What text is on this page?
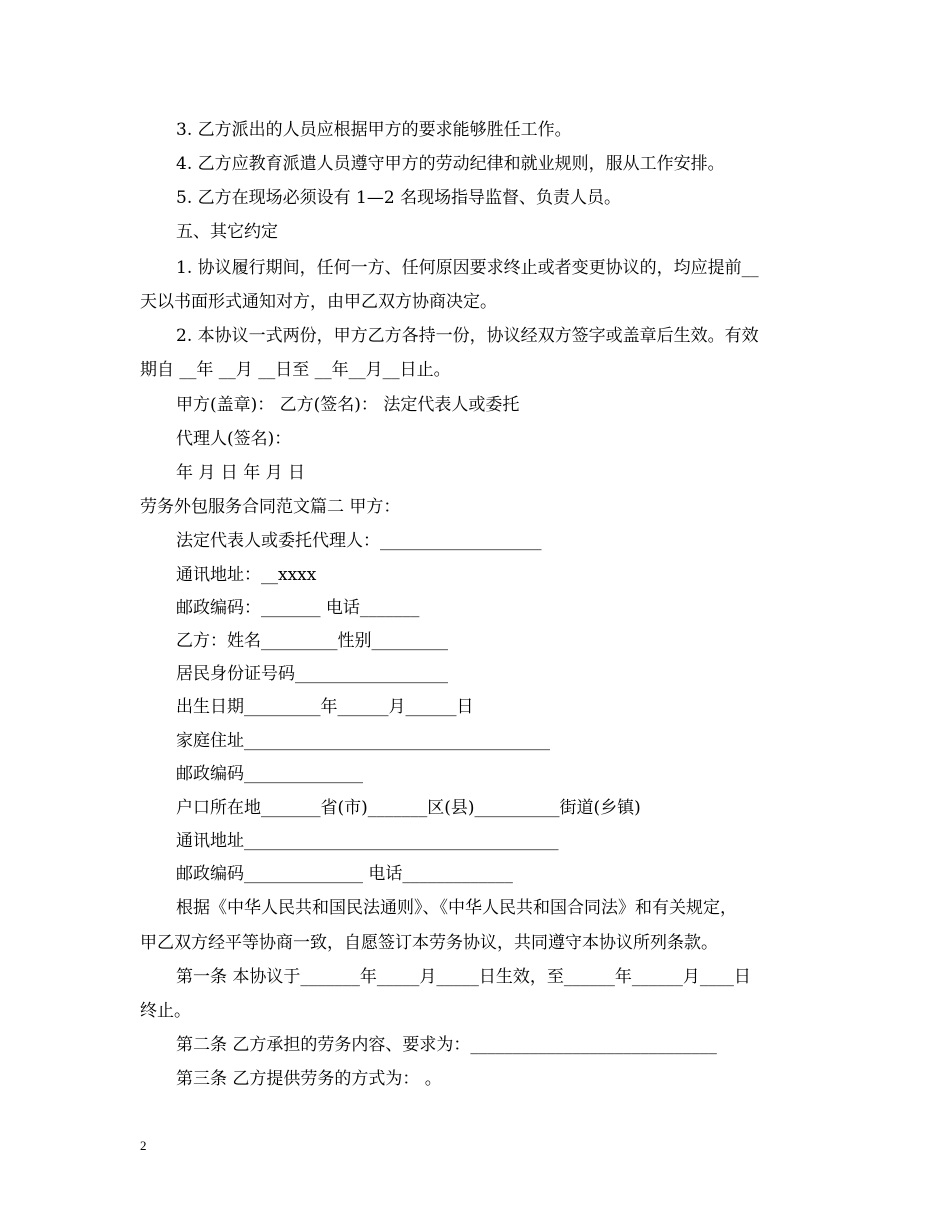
3. 乙方派出的人员应根据甲方的要求能够胜任工作。
4. 乙方应教育派遣人员遵守甲方的劳动纪律和就业规则，服从工作安排。
5. 乙方在现场必须设有 1—2 名现场指导监督、负责人员。
五、其它约定
1. 协议履行期间，任何一方、任何原因要求终止或者变更协议的，均应提前__
天以书面形式通知对方，由甲乙双方协商决定。
2. 本协议一式两份，甲方乙方各持一份，协议经双方签字或盖章后生效。有效
期自 __年 __月 __日至 __年__月__日止。
甲方(盖章)： 乙方(签名)： 法定代表人或委托
代理人(签名)：
年 月 日 年 月 日
劳务外包服务合同范文篇二 甲方：
法定代表人或委托代理人：___________________
通讯地址：__xxxx
邮政编码：_______ 电话_______
乙方：姓名_________性别_________
居民身份证号码__________________
出生日期_________年______月______日
家庭住址____________________________________
邮政编码______________
户口所在地_______省(市)_______区(县)__________街道(乡镇)
通讯地址_____________________________________
邮政编码______________ 电话_____________
根据《中华人民共和国民法通则》、《中华人民共和国合同法》和有关规定，
甲乙双方经平等协商一致，自愿签订本劳务协议，共同遵守本协议所列条款。
第一条 本协议于_______年_____月_____日生效，至______年______月____日
终止。
第二条 乙方承担的劳务内容、要求为：_____________________________
第三条 乙方提供劳务的方式为： 。
2
